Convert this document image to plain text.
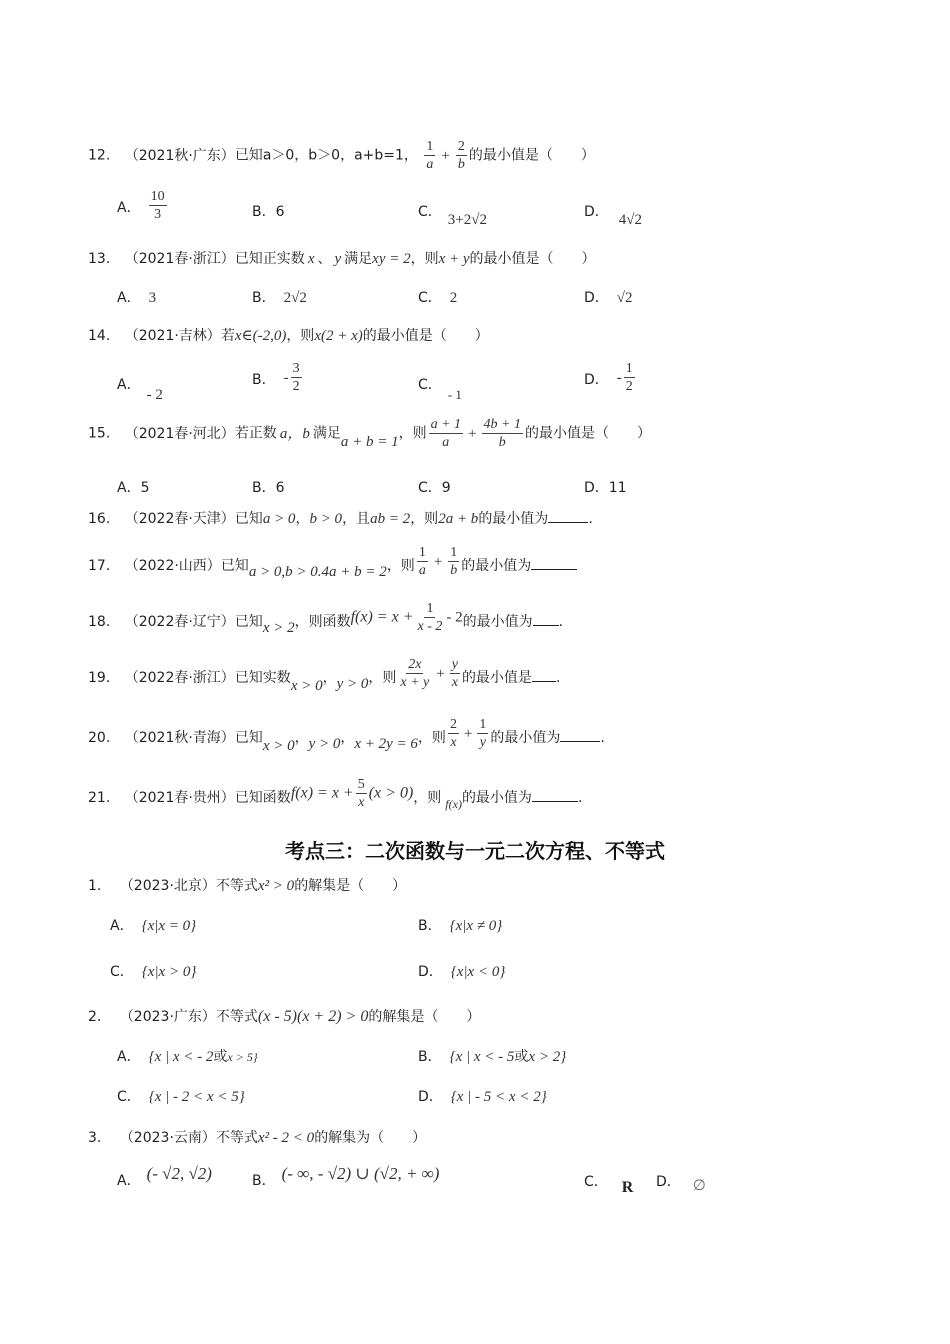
12. （2021秋·广东）已知a＞0，b＞0，a+b=1， $\frac{1}{a} + \frac{2}{b}$ 的最小值是（　　）
A． $\frac{10}{3}$	B．6	C． 3+2√2	D． 4√2
13. （2021春·浙江）已知正实数 x 、 y 满足xy = 2，则x + y的最小值是（　　）
A． 3	B． 2√2	C． 2	D． √2
14. （2021·吉林）若x∈(-2,0)，则x(2 + x)的最小值是（　　）
A．- 2
B． - $\frac{3}{2}$	C．- 1
D． - $\frac{1}{2}$
15. （2021春·河北）若正数 a，b 满足a + b = 1，则 $\frac{a + 1}{a} + \frac{4b + 1}{b}$ 的最小值是（　　）
A．5	B．6	C．9	D．11
16. （2022春·天津）已知a > 0，b > 0，且ab = 2，则2a + b的最小值为	.
17. （2022·山西）已知a > 0,b > 0.4a + b = 2，则 $\frac{1}{a} + \frac{1}{b}$ 的最小值为
18. （2022春·辽宁）已知x > 2，则函数$f(x) = x + \frac{1}{x - 2} - 2$的最小值为 .
19. （2022春·浙江）已知实数x > 0，y > 0，则 $\frac{2x}{x + y} + \frac{y}{x}$ 的最小值是 .
20. （2021秋·青海）已知x > 0，y > 0，x + 2y = 6，则 $\frac{2}{x} + \frac{1}{y}$ 的最小值为	.
21. （2021春·贵州）已知函数$f(x) = x + \frac{5}{x} (x > 0)$，则 f(x)的最小值为	.
考点三：二次函数与一元二次方程、不等式
1. （2023·北京）不等式x² > 0的解集是（　　）
A． {x|x = 0}	B． {x|x ≠ 0}
C． {x|x > 0}	D． {x|x < 0}
2. （2023·广东）不等式(x - 5)(x + 2) > 0的解集是（　　）
A． {x | x < - 2或x > 5}	B． {x | x < - 5或x > 2}
C． {x | - 2 < x < 5}	D． {x | - 5 < x < 2}
3. （2023·云南）不等式x² - 2 < 0的解集为（　　）
A． (- √2, √2)	B． (- ∞, - √2) ∪ (√2, + ∞)	C． R D． ∅
